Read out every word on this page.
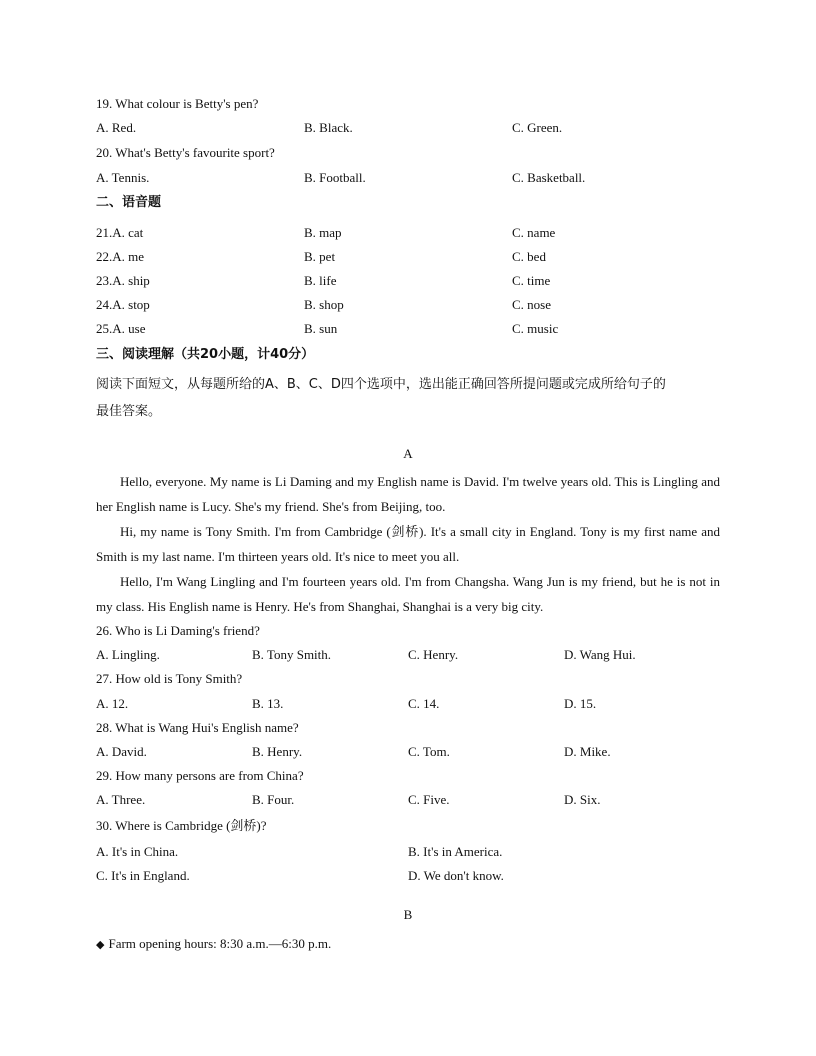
19. What colour is Betty's pen?
A. Red.	B. Black.	C. Green.
20. What's Betty's favourite sport?
A. Tennis.	B. Football.	C. Basketball.
二、语音题
21.A. cat	B. map	C. name
22.A. me	B. pet	C. bed
23.A. ship	B. life	C. time
24.A. stop	B. shop	C. nose
25.A. use	B. sun	C. music
三、阅读理解（共20小题，计40分）
阅读下面短文，从每题所给的A、B、C、D四个选项中，选出能正确回答所提问题或完成所给句子的
最佳答案。
A
Hello, everyone. My name is Li Daming and my English name is David. I'm twelve years old. This is Lingling and her English name is Lucy. She's my friend. She's from Beijing, too.
Hi, my name is Tony Smith. I'm from Cambridge (剑桥). It's a small city in England. Tony is my first name and Smith is my last name. I'm thirteen years old. It's nice to meet you all.
Hello, I'm Wang Lingling and I'm fourteen years old. I'm from Changsha. Wang Jun is my friend, but he is not in my class. His English name is Henry. He's from Shanghai, Shanghai is a very big city.
26. Who is Li Daming's friend?
A. Lingling.	B. Tony Smith.	C. Henry.	D. Wang Hui.
27. How old is Tony Smith?
A. 12.	B. 13.	C. 14.	D. 15.
28. What is Wang Hui's English name?
A. David.	B. Henry.	C. Tom.	D. Mike.
29. How many persons are from China?
A. Three.	B. Four.	C. Five.	D. Six.
30. Where is Cambridge (剑桥)?
A. It's in China.	B. It's in America.
C. It's in England.	D. We don't know.
B
◆ Farm opening hours: 8:30 a.m.—6:30 p.m.
